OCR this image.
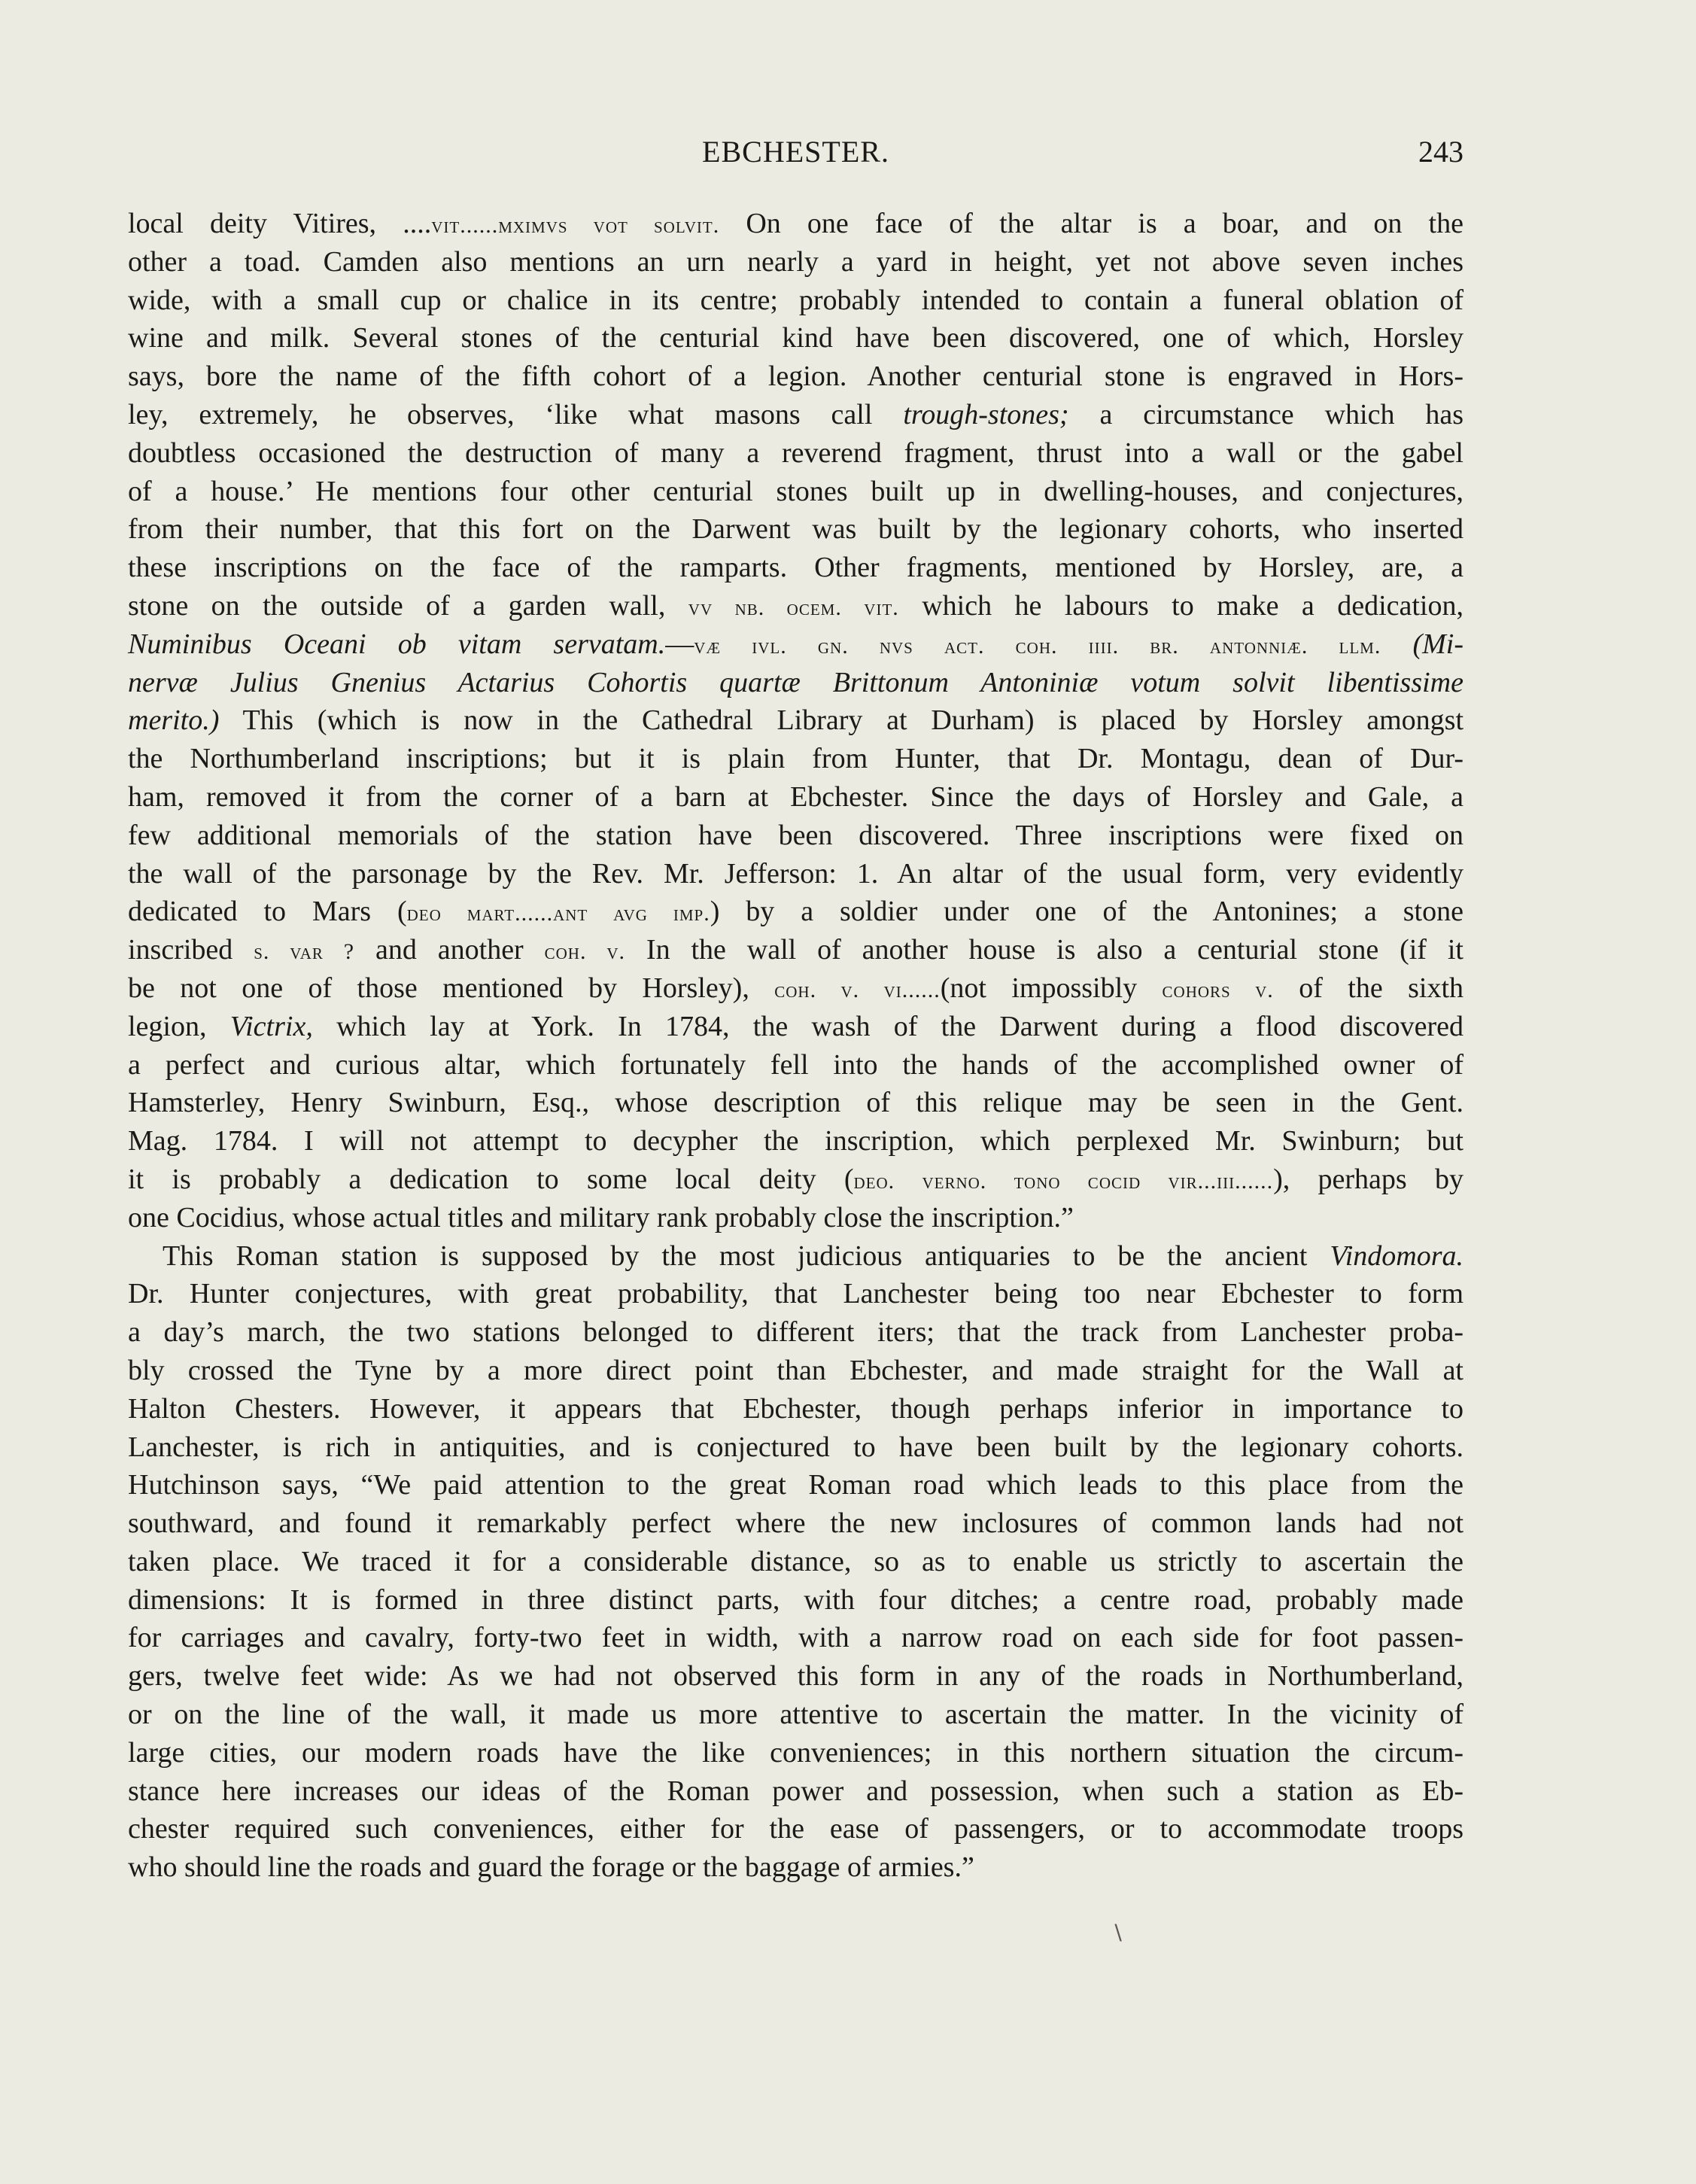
EBCHESTER.	243
local deity Vitires, ....vit......mximvs vot solvit. On one face of the altar is a boar, and on the
other a toad. Camden also mentions an urn nearly a yard in height, yet not above seven inches
wide, with a small cup or chalice in its centre; probably intended to contain a funeral oblation of
wine and milk. Several stones of the centurial kind have been discovered, one of which, Horsley
says, bore the name of the fifth cohort of a legion. Another centurial stone is engraved in Hors-
ley, extremely, he observes, ‘like what masons call trough-stones; a circumstance which has
doubtless occasioned the destruction of many a reverend fragment, thrust into a wall or the gabel
of a house.’ He mentions four other centurial stones built up in dwelling-houses, and conjectures,
from their number, that this fort on the Darwent was built by the legionary cohorts, who inserted
these inscriptions on the face of the ramparts. Other fragments, mentioned by Horsley, are, a
stone on the outside of a garden wall, vv nb. ocem. vit. which he labours to make a dedication,
Numinibus Oceani ob vitam servatam.—væ ivl. gn. nvs act. coh. iiii. br. antonniæ. llm. (Mi-
nervæ Julius Gnenius Actarius Cohortis quartæ Brittonum Antoniniæ votum solvit libentissime
merito.) This (which is now in the Cathedral Library at Durham) is placed by Horsley amongst
the Northumberland inscriptions; but it is plain from Hunter, that Dr. Montagu, dean of Dur-
ham, removed it from the corner of a barn at Ebchester. Since the days of Horsley and Gale, a
few additional memorials of the station have been discovered. Three inscriptions were fixed on
the wall of the parsonage by the Rev. Mr. Jefferson: 1. An altar of the usual form, very evidently
dedicated to Mars (deo mart......ant avg imp.) by a soldier under one of the Antonines; a stone
inscribed s. var ? and another coh. v. In the wall of another house is also a centurial stone (if it
be not one of those mentioned by Horsley), coh. v. vi......(not impossibly cohors v. of the sixth
legion, Victrix, which lay at York. In 1784, the wash of the Darwent during a flood discovered
a perfect and curious altar, which fortunately fell into the hands of the accomplished owner of
Hamsterley, Henry Swinburn, Esq., whose description of this relique may be seen in the Gent.
Mag. 1784. I will not attempt to decypher the inscription, which perplexed Mr. Swinburn; but
it is probably a dedication to some local deity (deo. verno. tono cocid vir...iii......), perhaps by
one Cocidius, whose actual titles and military rank probably close the inscription.”
This Roman station is supposed by the most judicious antiquaries to be the ancient Vindomora.
Dr. Hunter conjectures, with great probability, that Lanchester being too near Ebchester to form
a day’s march, the two stations belonged to different iters; that the track from Lanchester proba-
bly crossed the Tyne by a more direct point than Ebchester, and made straight for the Wall at
Halton Chesters. However, it appears that Ebchester, though perhaps inferior in importance to
Lanchester, is rich in antiquities, and is conjectured to have been built by the legionary cohorts.
Hutchinson says, “We paid attention to the great Roman road which leads to this place from the
southward, and found it remarkably perfect where the new inclosures of common lands had not
taken place. We traced it for a considerable distance, so as to enable us strictly to ascertain the
dimensions: It is formed in three distinct parts, with four ditches; a centre road, probably made
for carriages and cavalry, forty-two feet in width, with a narrow road on each side for foot passen-
gers, twelve feet wide: As we had not observed this form in any of the roads in Northumberland,
or on the line of the wall, it made us more attentive to ascertain the matter. In the vicinity of
large cities, our modern roads have the like conveniences; in this northern situation the circum-
stance here increases our ideas of the Roman power and possession, when such a station as Eb-
chester required such conveniences, either for the ease of passengers, or to accommodate troops
who should line the roads and guard the forage or the baggage of armies.”
∖
